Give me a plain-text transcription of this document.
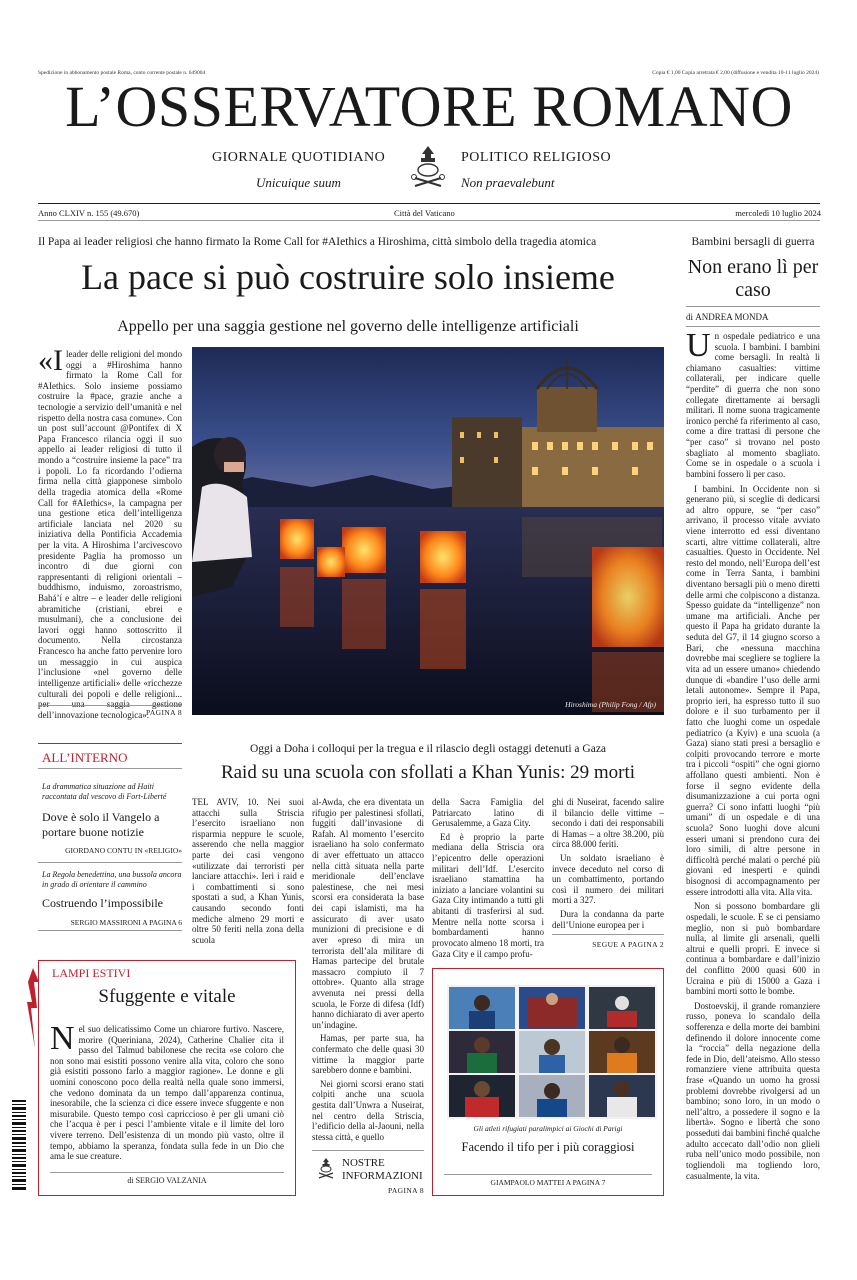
Spedizione in abbonamento postale Roma, conto corrente postale n. 649004	Copia € 1,00 Copia arretrata € 2,00 (diffusione e vendita 10-11 luglio 2024)
L’OSSERVATORE ROMANO
GIORNALE QUOTIDIANO	POLITICO RELIGIOSO
Unicuique suum	Non praevalebunt
Anno CLXIV n. 155 (49.670)	Città del Vaticano	mercoledì 10 luglio 2024
Il Papa ai leader religiosi che hanno firmato la Rome Call for #AIethics a Hiroshima, città simbolo della tragedia atomica
La pace si può costruire solo insieme
Appello per una saggia gestione nel governo delle intelligenze artificiali
«Ileader delle religioni del mondo oggi a #Hiroshima hanno firmato la Rome Call for #AIethics. Solo insieme possiamo costruire la #pace, grazie anche a tecnologie a servizio dell’umanità e nel rispetto della nostra casa comune». Con un post sull’account @Pontifex di X Papa Francesco rilancia oggi il suo appello ai leader religiosi di tutto il mondo a “costruire insieme la pace” tra i popoli. Lo fa ricordando l’odierna firma nella città giapponese simbolo della tragedia atomica della «Rome Call for #AIethics», la campagna per una gestione etica dell’intelligenza artificiale lanciata nel 2020 su iniziativa della Pontificia Accademia per la vita. A Hiroshima l’arcivescovo presidente Paglia ha promosso un incontro di due giorni con rappresentanti di religioni orientali – buddhismo, induismo, zoroastrismo, Bahá’í e altre – e leader delle religioni abramitiche (cristiani, ebrei e musulmani), che a conclusione dei lavori oggi hanno sottoscritto il documento. Nella circostanza Francesco ha anche fatto pervenire loro un messaggio in cui auspica l’inclusione «nel governo delle intelligenze artificiali» delle «ricchezze culturali dei popoli e delle religioni... dell’innovazione tecnologica».
PAGINA 8
Hiroshima (Philip Fong / Afp)
Bambini bersagli di guerra
Non erano lì per caso
di ANDREA MONDA
Un ospedale pediatrico e una scuola. I bambini. I bambini come bersagli. In realtà li chiamano casualties: vittime collaterali, per indicare quelle “perdite” di guerra che non sono collegate direttamente ai bersagli militari. Il nome suona tragicamente ironico perché fa riferimento al caso, come a dire trattasi di persone che “per caso” si trovano nel posto sbagliato al momento sbagliato. Come se in ospedale o a scuola i bambini fossero lì per caso.

I bambini. In Occidente non si generano più, si sceglie di dedicarsi ad altro oppure, se “per caso” arrivano, il processo vitale avviato viene interrotto ed essi diventano scarti, altre vittime collaterali, altre casualties. Questo in Occidente. Nel resto del mondo, nell’Europa dell’est come in Terra Santa, i bambini diventano bersagli più o meno diretti delle armi che colpiscono a distanza. Spesso guidate da “intelligenze” non umane ma artificiali. Anche per questo il Papa ha gridato durante la seduta del G7, il 14 giugno scorso a Bari, che «nessuna macchina dovrebbe mai scegliere se togliere la vita ad un essere umano» chiedendo dunque di «bandire l’uso delle armi letali autonome». Sempre il Papa, proprio ieri, ha espresso tutto il suo dolore e il suo turbamento per il fatto che luoghi come un ospedale pediatrico (a Kyiv) e una scuola (a Gaza) siano stati presi a bersaglio e colpiti provocando terrore e morte tra i piccoli “ospiti” che ogni giorno affollano questi ambienti. Non è forse il segno evidente della disumanizzazione a cui porta ogni guerra? Ci sono infatti luoghi “più umani” di un ospedale e di una scuola? Sono luoghi dove alcuni esseri umani si prendono cura dei loro simili, di altre persone in difficoltà perché malati o perché più giovani ed inesperti e quindi bisognosi di accompagnamento per essere introdotti alla vita. Alla vita.

Non si possono bombardare gli ospedali, le scuole. E se ci pensiamo meglio, non si può bombardare nulla, al limite gli arsenali, quelli altrui e quelli propri. E invece si continua a bombardare e dall’inizio del conflitto 2000 quasi 600 in Ucraina e più di 15000 a Gaza i bambini morti sotto le bombe.

Dostoevskij, il grande romanziere russo, poneva lo scandalo della sofferenza e della morte dei bambini definendo il dolore innocente come la “roccia” della negazione della fede in Dio, dell’ateismo. Allo stesso romanziere viene attribuita questa frase «Quando un uomo ha grossi problemi dovrebbe rivolgersi ad un bambino; sono loro, in un modo o nell’altro, a possedere il sogno e la libertà». Sogno e libertà che sono posseduti dai bambini finché qualche adulto accecato dall’odio non glieli ruba nell’unico modo possibile, non togliendoli ma togliendo loro, casualmente, la vita.

ALL’INTERNO
La drammatica situazione ad Haiti raccontata dal vescovo di Fort-Liberté
Dove è solo il Vangelo a portare buone notizie
GIORDANO CONTU IN «RELIGIO»
La Regola benedettina, una bussola ancora in grado di orientare il cammino
Costruendo l’impossibile
SERGIO MASSIRONI A PAGINA 6
Oggi a Doha i colloqui per la tregua e il rilascio degli ostaggi detenuti a Gaza
Raid su una scuola con sfollati a Khan Yunis: 29 morti
TEL AVIV, 10. Nei suoi attacchi sulla Striscia l’esercito israeliano non risparmia neppure le scuole, asserendo che nella maggior parte dei casi vengono «utilizzate dai terroristi per lanciare attacchi». Ieri i raid e i combattimenti si sono spostati a sud, a Khan Yunis, causando secondo fonti mediche almeno 29 morti e oltre 50 feriti nella zona della scuola
al-Awda, che era diventata un rifugio per palestinesi sfollati, fuggiti dall’invasione di Rafah. Al momento l’esercito israeliano ha solo confermato di aver effettuato un attacco nella città situata nella parte meridionale dell’enclave palestinese, che nei mesi scorsi era considerata la base dei capi islamisti, ma ha assicurato di aver usato munizioni di precisione e di aver «preso di mira un terrorista dell’ala militare di Hamas partecipe del brutale massacro compiuto il 7 ottobre». Quanto alla strage avvenuta nei pressi della scuola, le Forze di difesa (Idf) hanno dichiarato di aver aperto un’indagine.

Hamas, per parte sua, ha confermato che delle quasi 30 vittime la maggior parte sarebbero donne e bambini.

Nei giorni scorsi erano stati colpiti anche una scuola gestita dall’Unwra a Nuseirat, nel centro della Striscia, l’edificio della al-Jaouni, nella stessa città, e quello

della Sacra Famiglia del Patriarcato latino di Gerusalemme, a Gaza City.

Ed è proprio la parte mediana della Striscia ora l’epicentro delle operazioni militari dell’Idf. L’esercito israeliano stamattina ha iniziato a lanciare volantini su Gaza City intimando a tutti gli abitanti di trasferirsi al sud. Mentre nella notte scorsa i bombardamenti hanno provocato almeno 18 morti, tra Gaza City e il campo profu-

ghi di Nuseirat, facendo salire il bilancio delle vittime – secondo i dati dei responsabili di Hamas – a oltre 38.200, più circa 88.000 feriti.

Un soldato israeliano è invece deceduto nel corso di un combattimento, portando così il numero dei militari morti a 327.

Dura la condanna da parte dell’Unione europea per i

SEGUE A PAGINA 2
LAMPI ESTIVI
Sfuggente e vitale
Nel suo delicatissimo Come un chiarore furtivo. Nascere, morire (Queriniana, 2024), Catherine Chalier cita il passo del Talmud babilonese che recita «se coloro che non sono mai esistiti possono venire alla vita, coloro che sono già esistiti possono farlo a maggior ragione». Le donne e gli uomini conoscono poco della realtà nella quale sono immersi, che vedono dominata da un tempo dall’apparenza continua, inesorabile, che la scienza ci dice essere invece sfuggente e non misurabile. Questo tempo così capriccioso è per gli umani ciò che l’acqua è per i pesci l’ambiente vitale e il limite del loro vivere terreno. Dell’esistenza di un mondo più vasto, oltre il tempo, abbiamo la speranza, fondata sulla fede in un Dio che ama le sue creature.
di SERGIO VALZANIA
NOSTRE INFORMAZIONI
PAGINA 8
Gli atleti rifugiati paralimpici ai Giochi di Parigi
Facendo il tifo per i più coraggiosi
GIAMPAOLO MATTEI A PAGINA 7
